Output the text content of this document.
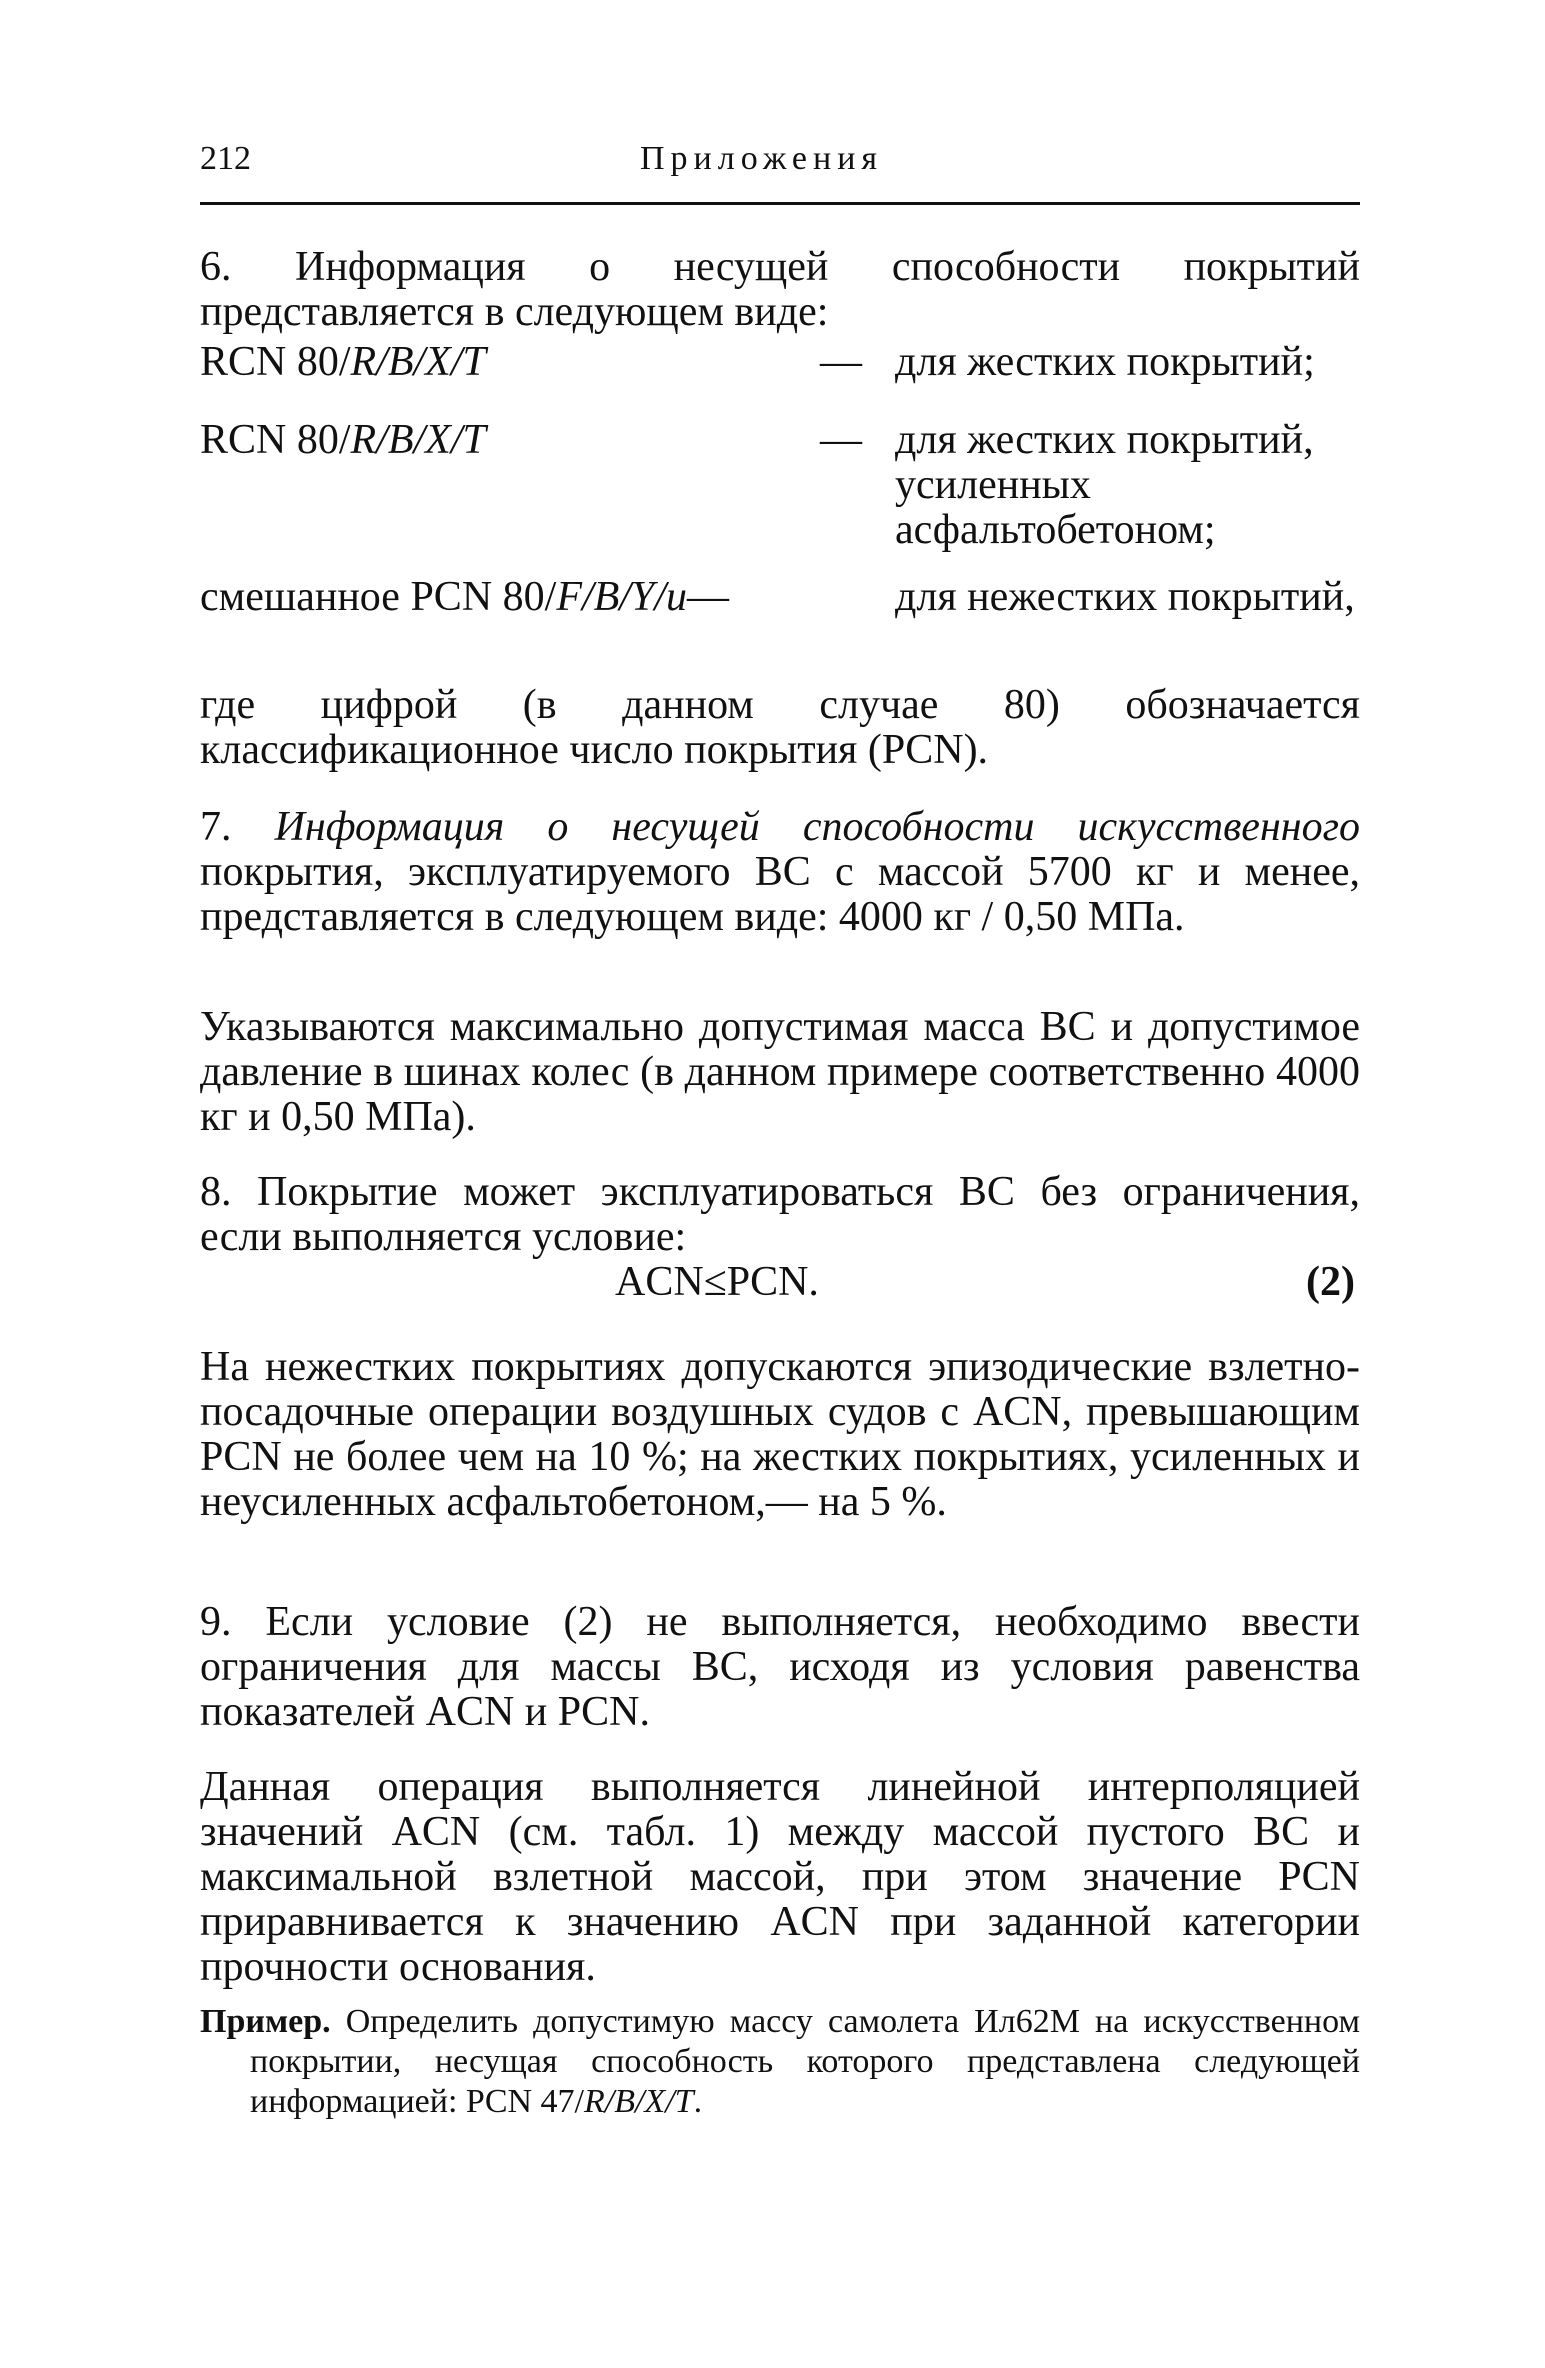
212	Приложения

6. Информация о несущей способности покрытий представляется в следующем виде:

RCN 80/R/B/X/T	— для жестких покрытий;
RCN 80/R/B/X/T	— для жестких покрытий, усиленных асфальтобетоном;
смешанное PCN 80/F/B/Y/u—	для нежестких покрытий,

где цифрой (в данном случае 80) обозначается классификационное число покрытия (PCN).

7. Информация о несущей способности искусственного покрытия, эксплуатируемого ВС с массой 5700 кг и менее, представляется в следующем виде: 4000 кг / 0,50 МПа.

Указываются максимально допустимая масса ВС и допустимое давление в шинах колес (в данном примере соответственно 4000 кг и 0,50 МПа).

8. Покрытие может эксплуатироваться ВС без ограничения, если выполняется условие:

ACN≤PCN.	(2)

На нежестких покрытиях допускаются эпизодические взлетно-посадочные операции воздушных судов с ACN, превышающим PCN не более чем на 10 %; на жестких покрытиях, усиленных и неусиленных асфальтобетоном,— на 5 %.

9. Если условие (2) не выполняется, необходимо ввести ограничения для массы ВС, исходя из условия равенства показателей ACN и PCN.

Данная операция выполняется линейной интерполяцией значений ACN (см. табл. 1) между массой пустого ВС и максимальной взлетной массой, при этом значение PCN приравнивается к значению ACN при заданной категории прочности основания.

Пример. Определить допустимую массу самолета Ил62М на искусственном покрытии, несущая способность которого представлена следующей информацией: PCN 47/R/B/X/T.
